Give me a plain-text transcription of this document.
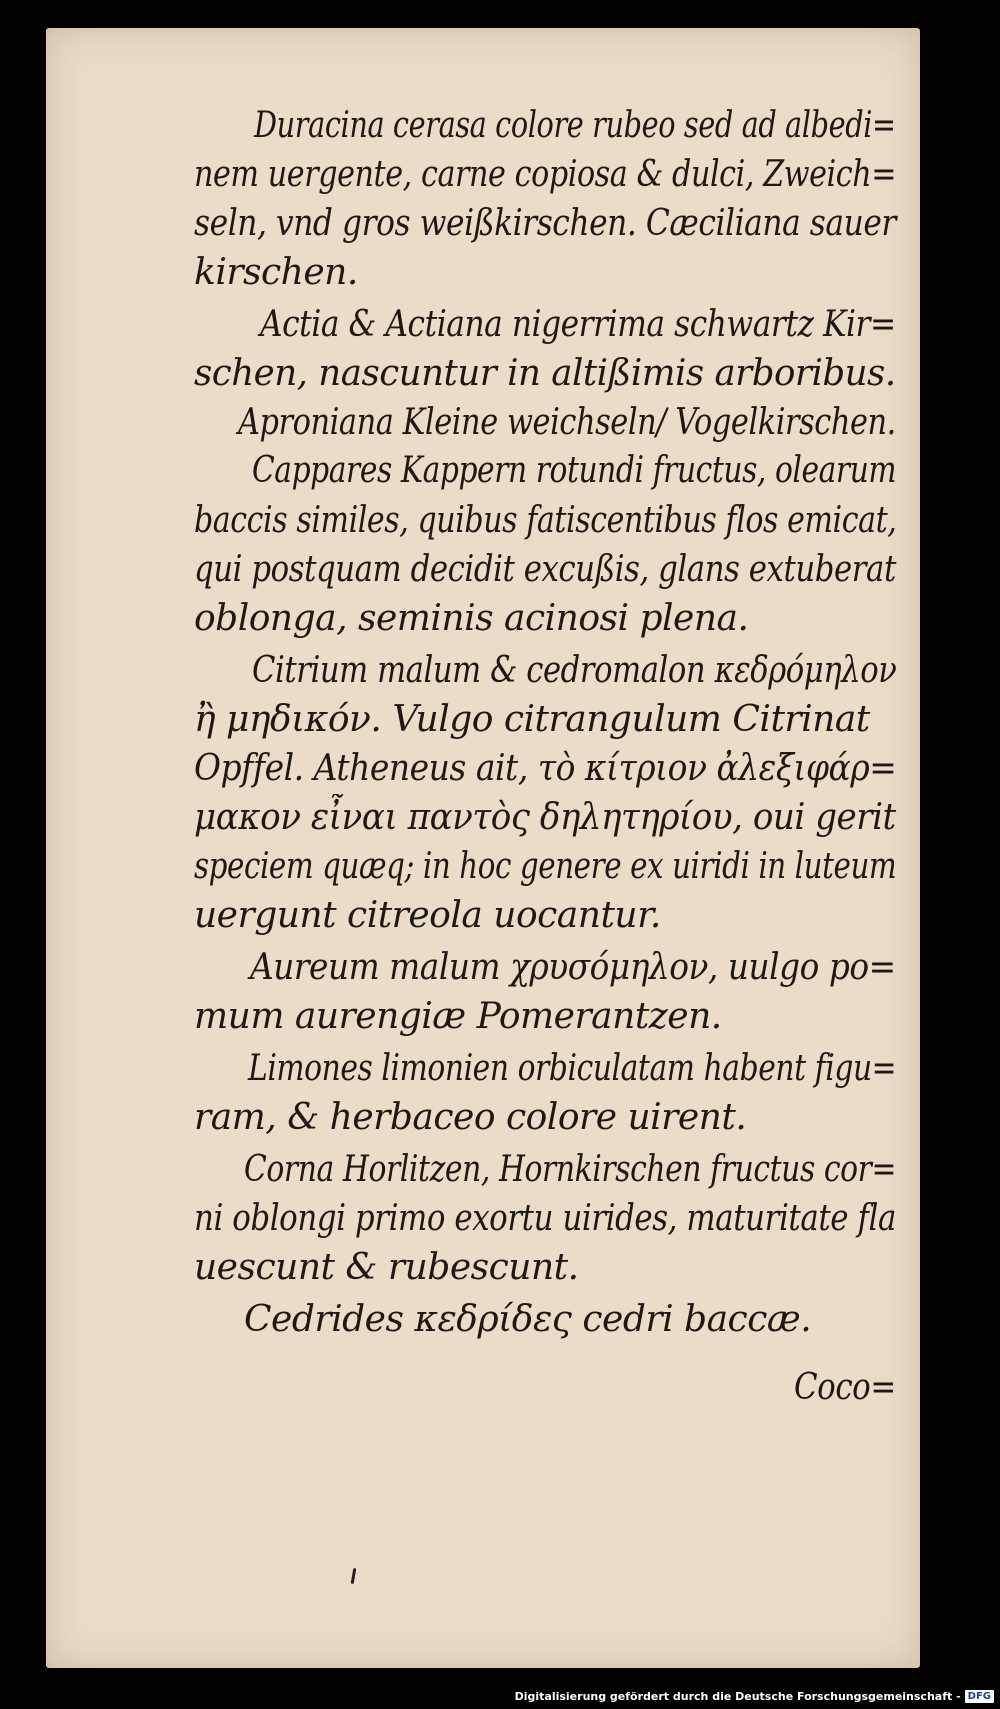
Duracina cerasa colore rubeo sed ad albedi=
nem uergente, carne copiosa & dulci, Zweich=
seln, vnd gros weißkirschen. Cæciliana sauer
kirschen.
Actia & Actiana nigerrima schwartz Kir=
schen, nascuntur in altißimis arboribus.
Aproniana Kleine weichseln/ Vogelkirschen.
Cappares Kappern rotundi fructus, olearum
baccis similes, quibus fatiscentibus flos emicat,
qui postquam decidit excußis, glans extuberat
oblonga, seminis acinosi plena.
Citrium malum & cedromalon κεδρόμηλον
ἢ μηδικόν. Vulgo citrangulum Citrinat
Opffel. Atheneus ait, τὸ κίτριον ἀλεξιφάρ=
μακον εἶναι παντὸς δηλητηρίου, oui gerit
speciem quæq; in hoc genere ex uiridi in luteum
uergunt citreola uocantur.
Aureum malum χρυσόμηλον, uulgo po=
mum aurengiæ Pomerantzen.
Limones limonien orbiculatam habent figu=
ram, & herbaceo colore uirent.
Corna Horlitzen, Hornkirschen fructus cor=
ni oblongi primo exortu uirides, maturitate fla
uescunt & rubescunt.
Cedrides κεδρίδες cedri baccæ.
Coco=
Digitalisierung gefördert durch die Deutsche Forschungsgemeinschaft - DFG
